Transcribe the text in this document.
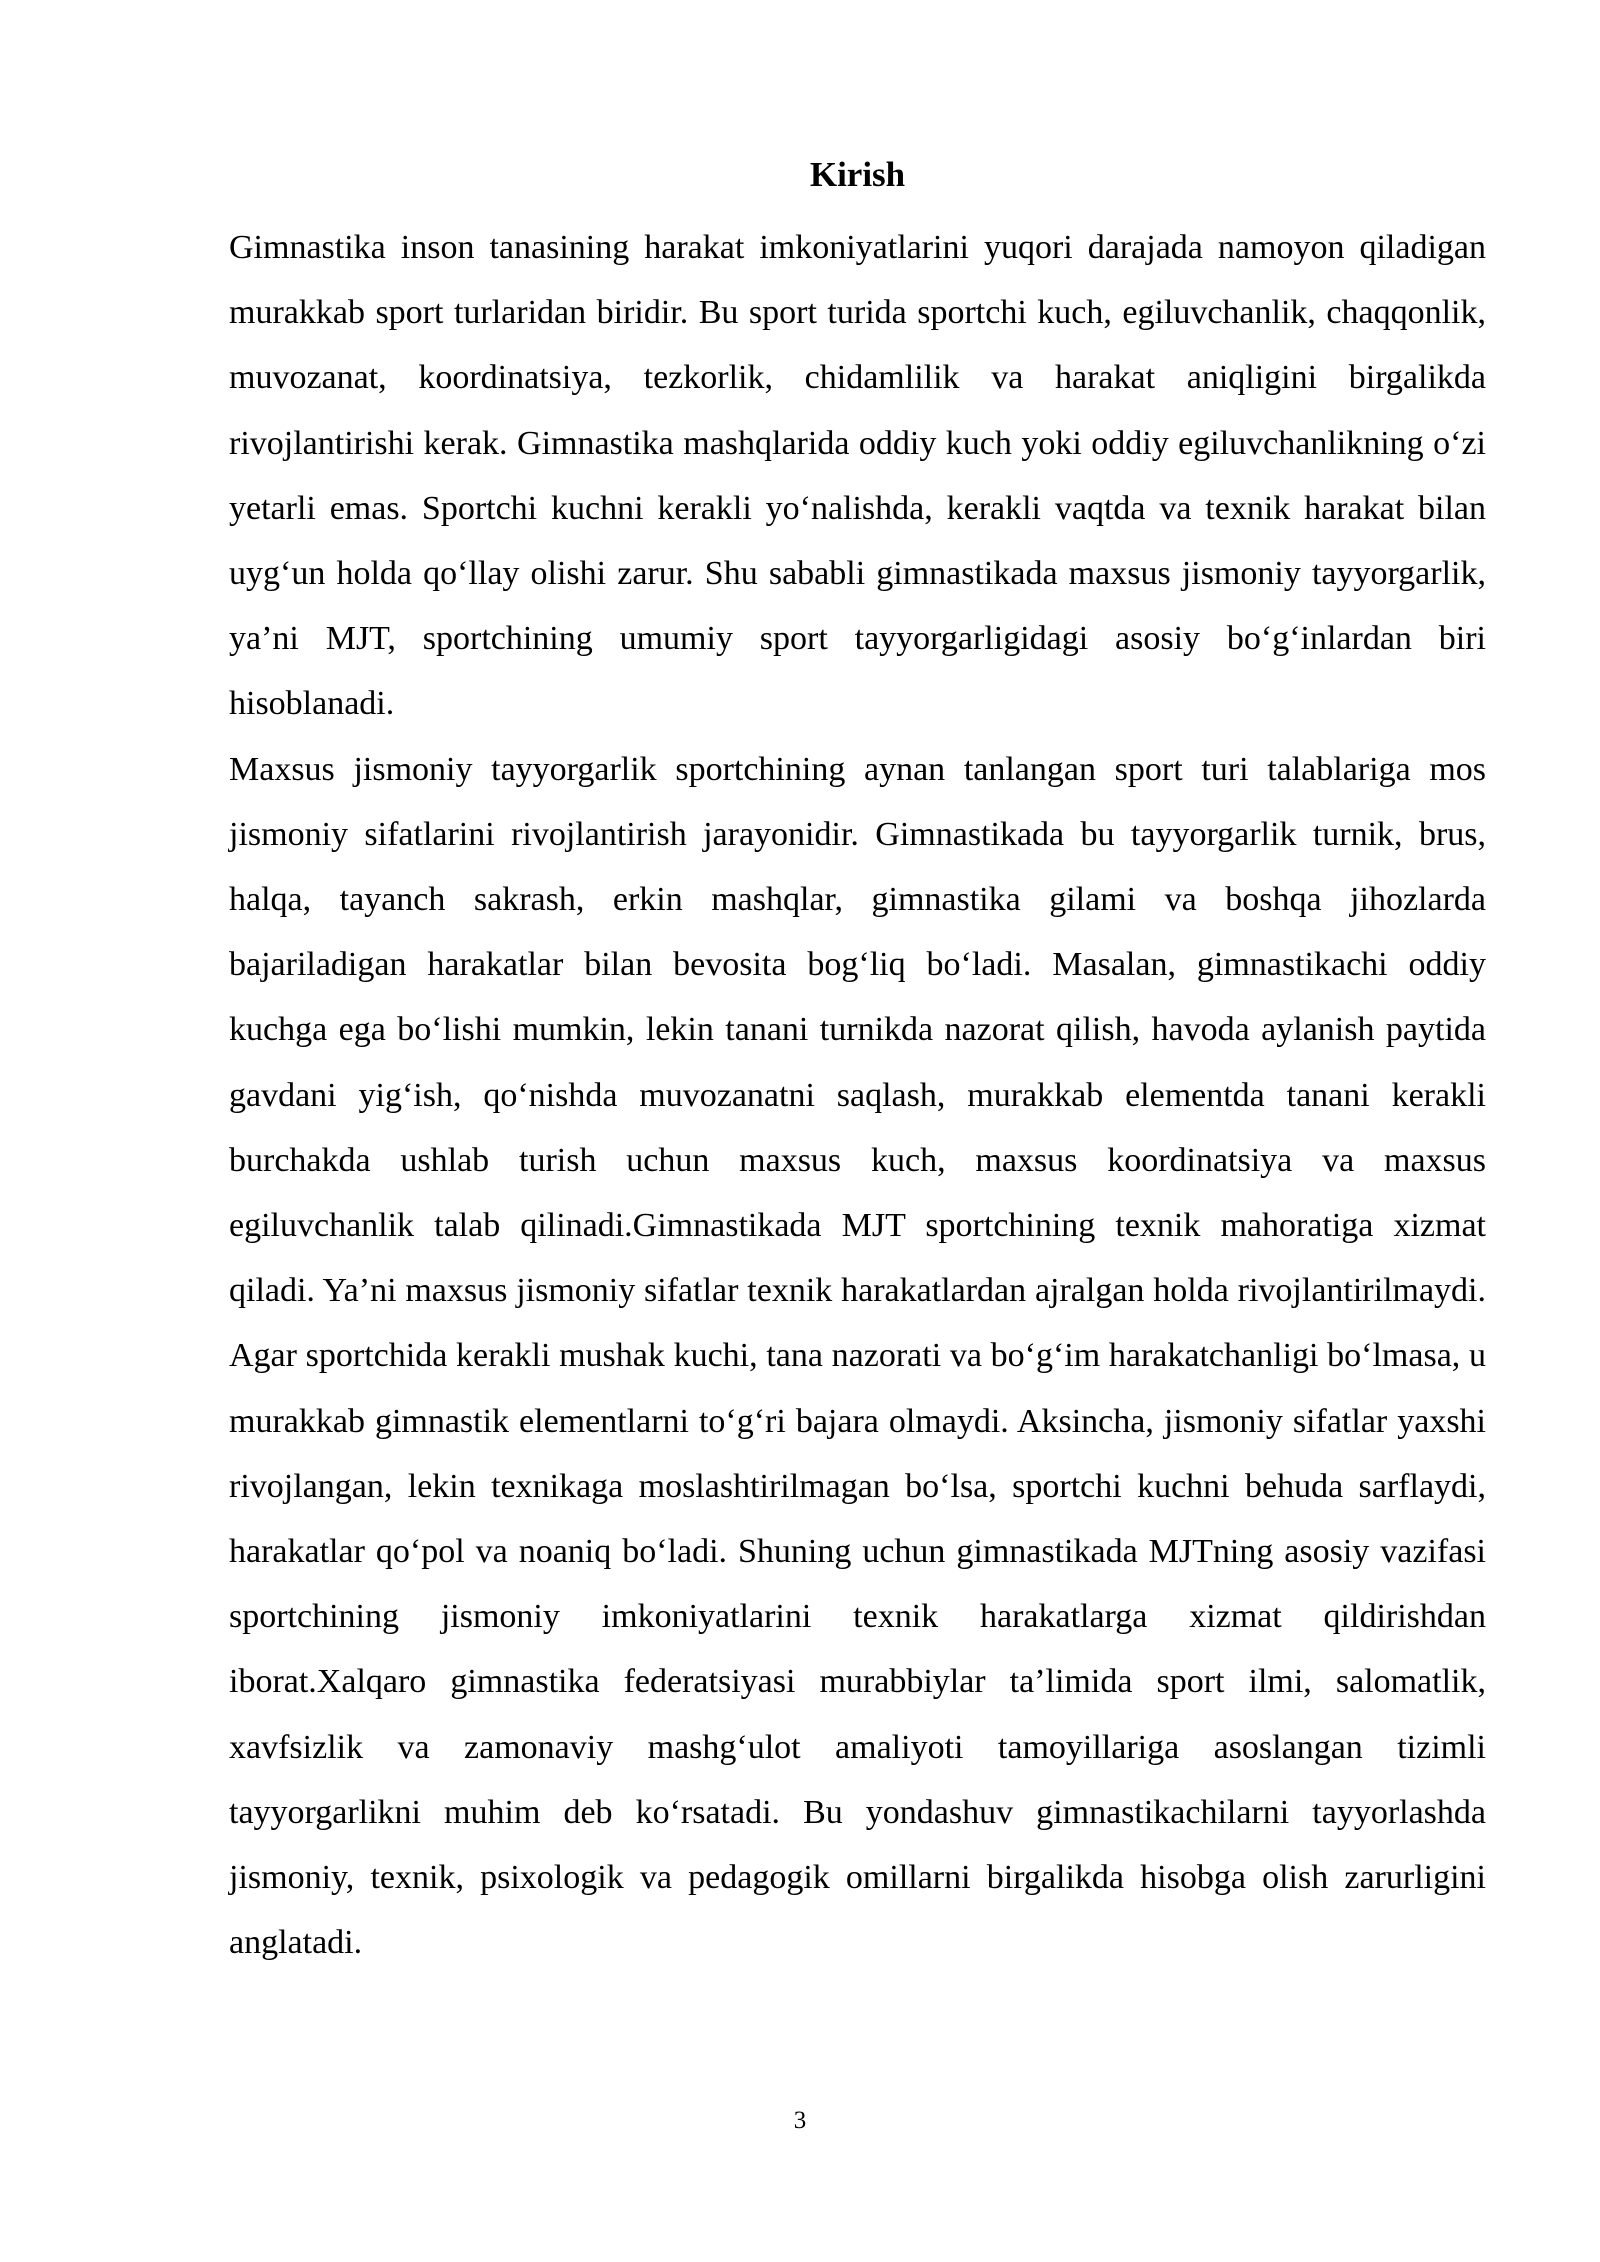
Kirish

Gimnastika inson tanasining harakat imkoniyatlarini yuqori darajada namoyon qiladigan murakkab sport turlaridan biridir. Bu sport turida sportchi kuch, egiluvchanlik, chaqqonlik, muvozanat, koordinatsiya, tezkorlik, chidamlilik va harakat aniqligini birgalikda rivojlantirishi kerak. Gimnastika mashqlarida oddiy kuch yoki oddiy egiluvchanlikning o‘zi yetarli emas. Sportchi kuchni kerakli yo‘nalishda, kerakli vaqtda va texnik harakat bilan uyg‘un holda qo‘llay olishi zarur. Shu sababli gimnastikada maxsus jismoniy tayyorgarlik, ya’ni MJT, sportchining umumiy sport tayyorgarligidagi asosiy bo‘g‘inlardan biri hisoblanadi.

Maxsus jismoniy tayyorgarlik sportchining aynan tanlangan sport turi talablariga mos jismoniy sifatlarini rivojlantirish jarayonidir. Gimnastikada bu tayyorgarlik turnik, brus, halqa, tayanch sakrash, erkin mashqlar, gimnastika gilami va boshqa jihozlarda bajariladigan harakatlar bilan bevosita bog‘liq bo‘ladi. Masalan, gimnastikachi oddiy kuchga ega bo‘lishi mumkin, lekin tanani turnikda nazorat qilish, havoda aylanish paytida gavdani yig‘ish, qo‘nishda muvozanatni saqlash, murakkab elementda tanani kerakli burchakda ushlab turish uchun maxsus kuch, maxsus koordinatsiya va maxsus egiluvchanlik talab qilinadi.Gimnastikada MJT sportchining texnik mahoratiga xizmat qiladi. Ya’ni maxsus jismoniy sifatlar texnik harakatlardan ajralgan holda rivojlantirilmaydi. Agar sportchida kerakli mushak kuchi, tana nazorati va bo‘g‘im harakatchanligi bo‘lmasa, u murakkab gimnastik elementlarni to‘g‘ri bajara olmaydi. Aksincha, jismoniy sifatlar yaxshi rivojlangan, lekin texnikaga moslashtirilmagan bo‘lsa, sportchi kuchni behuda sarflaydi, harakatlar qo‘pol va noaniq bo‘ladi. Shuning uchun gimnastikada MJTning asosiy vazifasi sportchining jismoniy imkoniyatlarini texnik harakatlarga xizmat qildirishdan iborat.Xalqaro gimnastika federatsiyasi murabbiylar ta’limida sport ilmi, salomatlik, xavfsizlik va zamonaviy mashg‘ulot amaliyoti tamoyillariga asoslangan tizimli tayyorgarlikni muhim deb ko‘rsatadi. Bu yondashuv gimnastikachilarni tayyorlashda jismoniy, texnik, psixologik va pedagogik omillarni birgalikda hisobga olish zarurligini anglatadi.

3
